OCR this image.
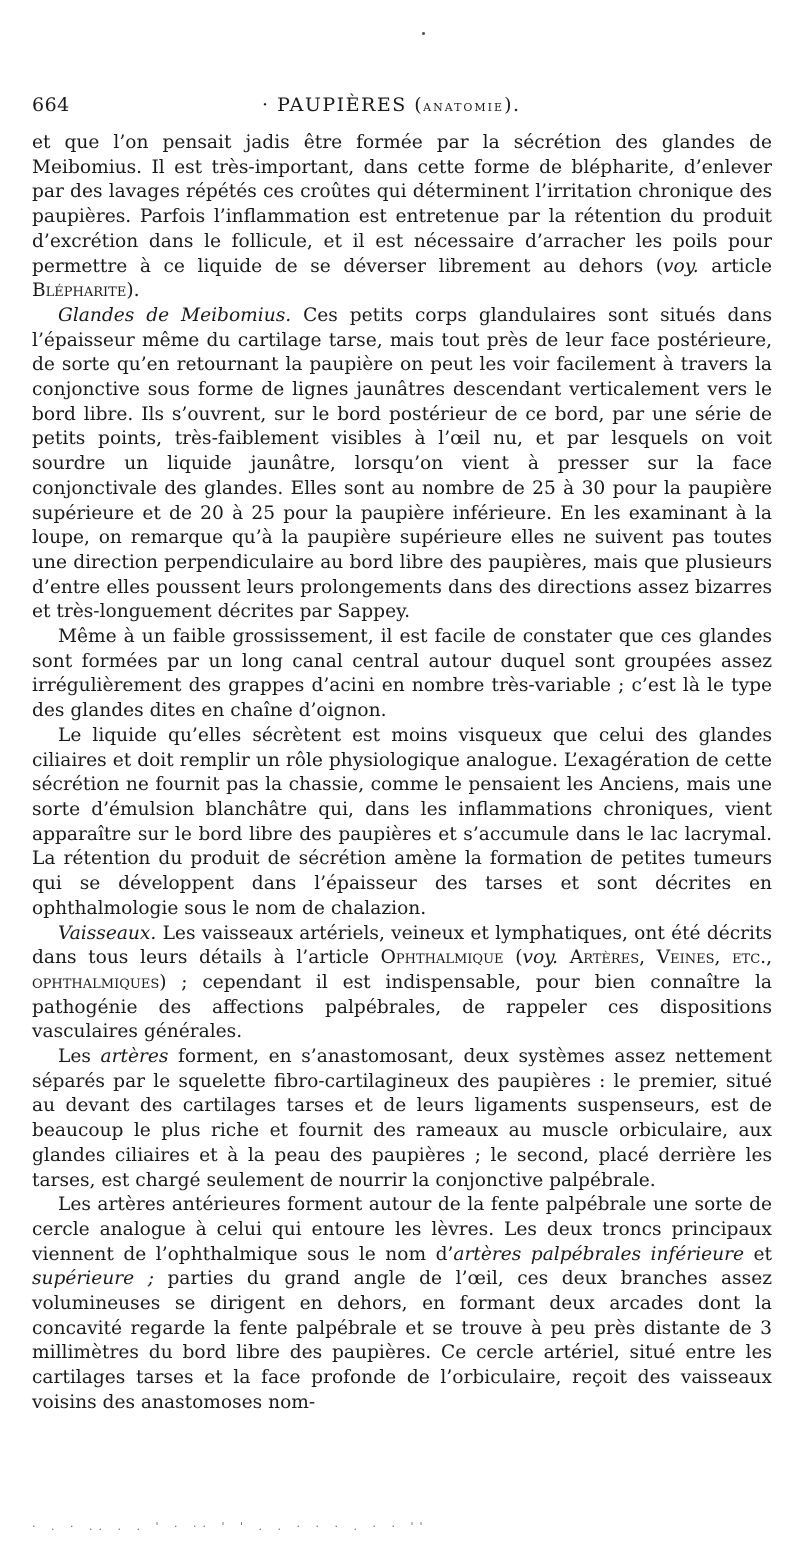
664	· PAUPIÈRES (anatomie).

et que l’on pensait jadis être formée par la sécrétion des glandes de Meibomius. Il est très-important, dans cette forme de blépharite, d’enlever par des lavages répétés ces croûtes qui déterminent l’irritation chronique des paupières. Parfois l’inflammation est entretenue par la rétention du produit d’excrétion dans le follicule, et il est nécessaire d’arracher les poils pour permettre à ce liquide de se déverser librement au dehors (voy. article Blépharite).

Glandes de Meibomius. Ces petits corps glandulaires sont situés dans l’épaisseur même du cartilage tarse, mais tout près de leur face postérieure, de sorte qu’en retournant la paupière on peut les voir facilement à travers la conjonctive sous forme de lignes jaunâtres descendant verticalement vers le bord libre. Ils s’ouvrent, sur le bord postérieur de ce bord, par une série de petits points, très-faiblement visibles à l’œil nu, et par lesquels on voit sourdre un liquide jaunâtre, lorsqu’on vient à presser sur la face conjonctivale des glandes. Elles sont au nombre de 25 à 30 pour la paupière supérieure et de 20 à 25 pour la paupière inférieure. En les examinant à la loupe, on remarque qu’à la paupière supérieure elles ne suivent pas toutes une direction perpendiculaire au bord libre des paupières, mais que plusieurs d’entre elles poussent leurs prolongements dans des directions assez bizarres et très-longuement décrites par Sappey.

Même à un faible grossissement, il est facile de constater que ces glandes sont formées par un long canal central autour duquel sont groupées assez irrégulièrement des grappes d’acini en nombre très-variable ; c’est là le type des glandes dites en chaîne d’oignon.

Le liquide qu’elles sécrètent est moins visqueux que celui des glandes ciliaires et doit remplir un rôle physiologique analogue. L’exagération de cette sécrétion ne fournit pas la chassie, comme le pensaient les Anciens, mais une sorte d’émulsion blanchâtre qui, dans les inflammations chroniques, vient apparaître sur le bord libre des paupières et s’accumule dans le lac lacrymal. La rétention du produit de sécrétion amène la formation de petites tumeurs qui se développent dans l’épaisseur des tarses et sont décrites en ophthalmologie sous le nom de chalazion.

Vaisseaux. Les vaisseaux artériels, veineux et lymphatiques, ont été décrits dans tous leurs détails à l’article Ophthalmique (voy. Artères, Veines, etc., ophthalmiques) ; cependant il est indispensable, pour bien connaître la pathogénie des affections palpébrales, de rappeler ces dispositions vasculaires générales.

Les artères forment, en s’anastomosant, deux systèmes assez nettement séparés par le squelette fibro-cartilagineux des paupières : le premier, situé au devant des cartilages tarses et de leurs ligaments suspenseurs, est de beaucoup le plus riche et fournit des rameaux au muscle orbiculaire, aux glandes ciliaires et à la peau des paupières ; le second, placé derrière les tarses, est chargé seulement de nourrir la conjonctive palpébrale.

Les artères antérieures forment autour de la fente palpébrale une sorte de cercle analogue à celui qui entoure les lèvres. Les deux troncs principaux viennent de l’ophthalmique sous le nom d’artères palpébrales inférieure et supérieure ; parties du grand angle de l’œil, ces deux branches assez volumineuses se dirigent en dehors, en formant deux arcades dont la concavité regarde la fente palpébrale et se trouve à peu près distante de 3 millimètres du bord libre des paupières. Ce cercle artériel, situé entre les cartilages tarses et la face profonde de l’orbiculaire, reçoit des vaisseaux voisins des anastomoses nom-

· . · .. . . ' · ·· ' ' . . · · · . · · ''
